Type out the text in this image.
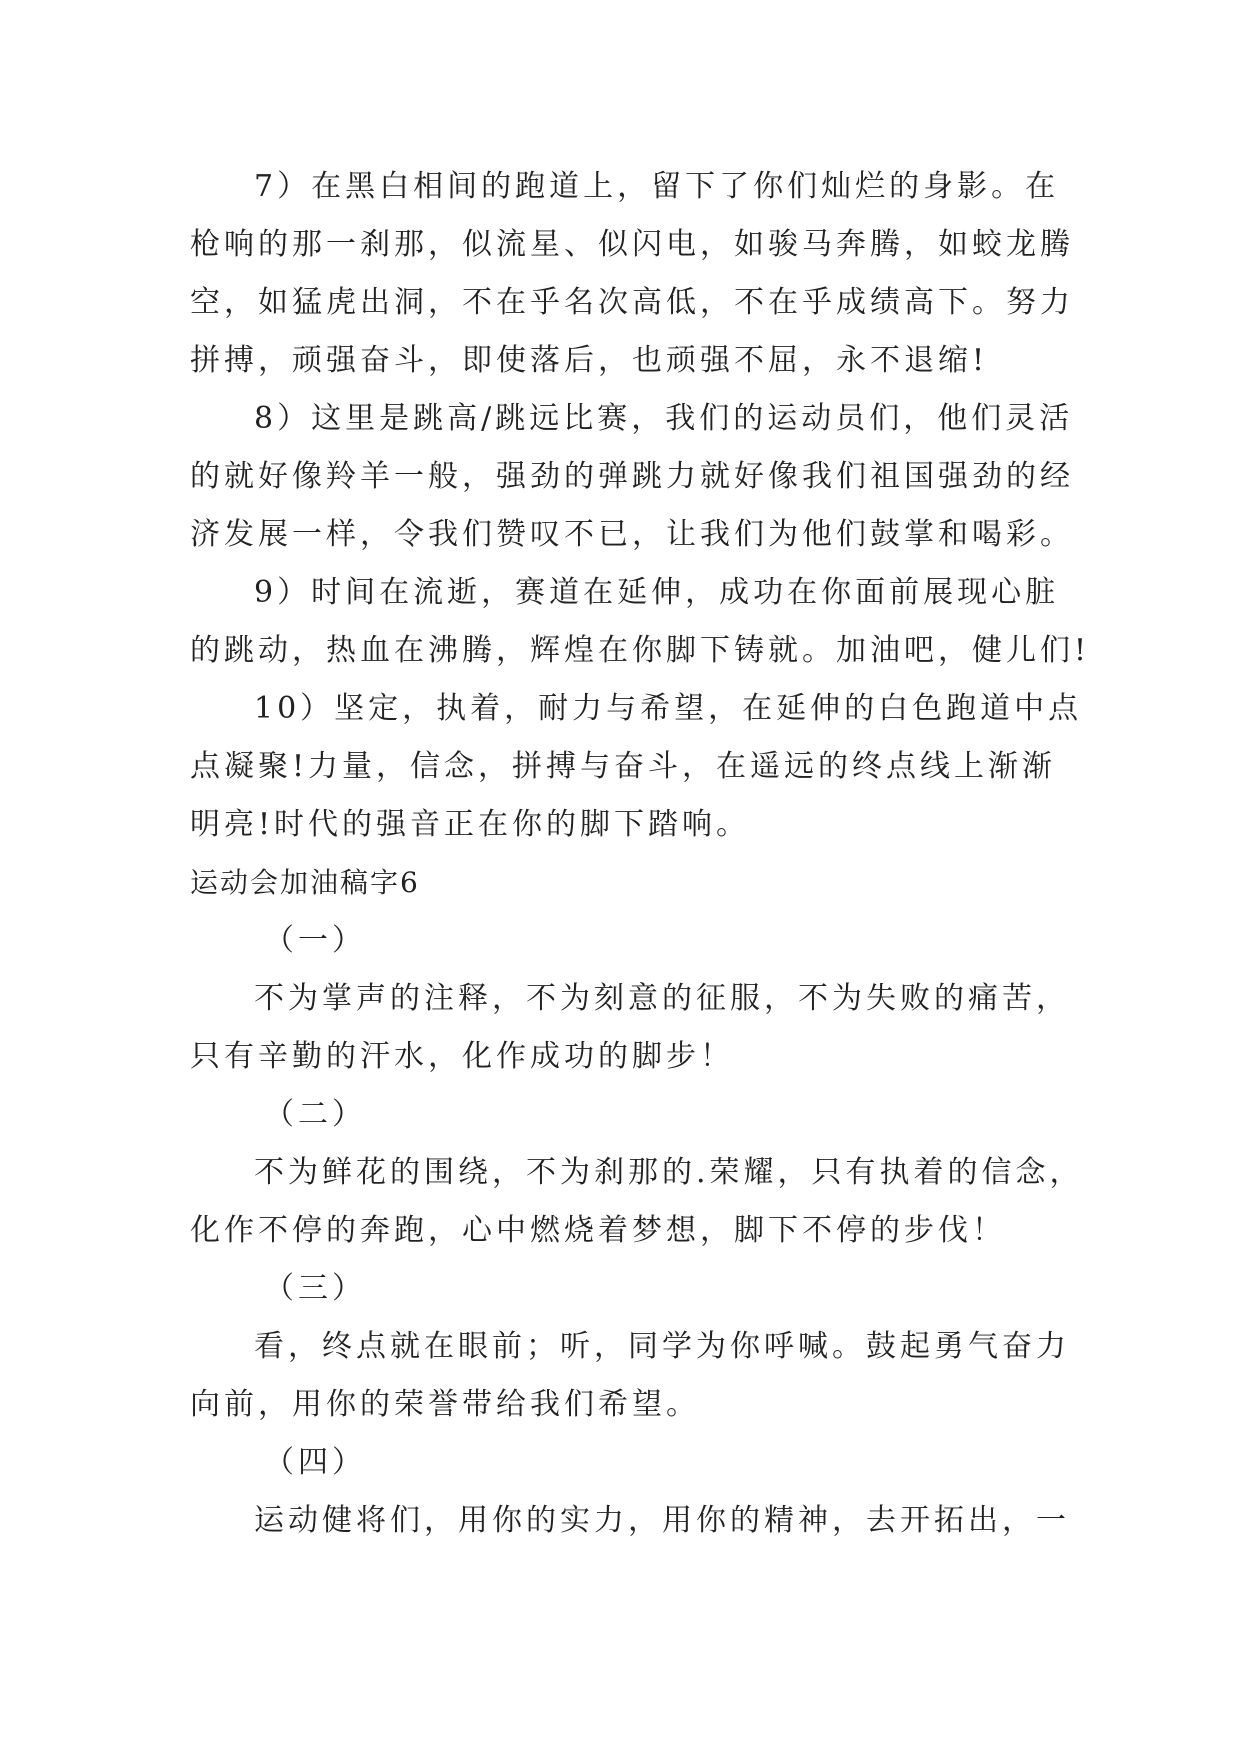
7）在黑白相间的跑道上，留下了你们灿烂的身影。在
枪响的那一刹那，似流星、似闪电，如骏马奔腾，如蛟龙腾
空，如猛虎出洞，不在乎名次高低，不在乎成绩高下。努力
拼搏，顽强奋斗，即使落后，也顽强不屈，永不退缩!
8）这里是跳高/跳远比赛，我们的运动员们，他们灵活
的就好像羚羊一般，强劲的弹跳力就好像我们祖国强劲的经
济发展一样，令我们赞叹不已，让我们为他们鼓掌和喝彩。
9）时间在流逝，赛道在延伸，成功在你面前展现心脏
的跳动，热血在沸腾，辉煌在你脚下铸就。加油吧，健儿们!
10）坚定，执着，耐力与希望，在延伸的白色跑道中点
点凝聚!力量，信念，拼搏与奋斗，在遥远的终点线上渐渐
明亮!时代的强音正在你的脚下踏响。
运动会加油稿字6
（一）
不为掌声的注释，不为刻意的征服，不为失败的痛苦，
只有辛勤的汗水，化作成功的脚步！
（二）
不为鲜花的围绕，不为刹那的.荣耀，只有执着的信念，
化作不停的奔跑，心中燃烧着梦想，脚下不停的步伐！
（三）
看，终点就在眼前；听，同学为你呼喊。鼓起勇气奋力
向前，用你的荣誉带给我们希望。
（四）
运动健将们，用你的实力，用你的精神，去开拓出，一
